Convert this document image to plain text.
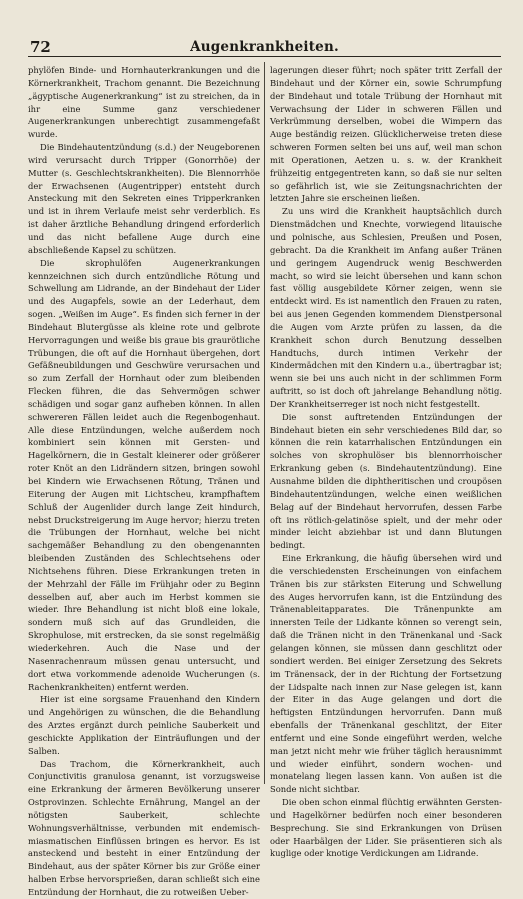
72	Augenkrankheiten.

phylöfen Binde- und Hornhauterkrankungen und die Körnerkrankheit, Trachom genannt. Die Bezeichnung „ägyptische Augenerkrankung“ ist zu streichen, da in ihr eine Summe ganz verschiedener Augenerkrankungen unberechtigt zusammengefaßt wurde.

Die Bindehautentzündung (s.d.) der Neugeborenen wird verursacht durch Tripper (Gonorrhöe) der Mutter (s. Geschlechtskrankheiten). Die Blennorrhöe der Erwachsenen (Augentripper) entsteht durch Ansteckung mit den Sekreten eines Tripperkranken und ist in ihrem Verlaufe meist sehr verderblich. Es ist daher ärztliche Behandlung dringend erforderlich und das nicht befallene Auge durch eine abschließende Kapsel zu schützen.

Die skrophulöfen Augenerkrankungen kennzeichnen sich durch entzündliche Rötung und Schwellung am Lidrande, an der Bindehaut der Lider und des Augapfels, sowie an der Lederhaut, dem sogen. „Weißen im Auge“. Es finden sich ferner in der Bindehaut Blutergüsse als kleine rote und gelbrote Hervorragungen und weiße bis graue bis graurötliche Trübungen, die oft auf die Hornhaut übergehen, dort Gefäßneubildungen und Geschwüre verursachen und so zum Zerfall der Hornhaut oder zum bleibenden Flecken führen, die das Sehvermögen schwer schädigen und sogar ganz aufheben können. In allen schwereren Fällen leidet auch die Regenbogenhaut. Alle diese Entzündungen, welche außerdem noch kombiniert sein können mit Gersten- und Hagelkörnern, die in Gestalt kleinerer oder größerer roter Knöt an den Lidrändern sitzen, bringen sowohl bei Kindern wie Erwachsenen Rötung, Tränen und Eiterung der Augen mit Lichtscheu, krampfhaftem Schluß der Augenlider durch lange Zeit hindurch, nebst Druckstreigerung im Auge hervor; hierzu treten die Trübungen der Hornhaut, welche bei nicht sachgemäßer Behandlung zu den obengenannten bleibenden Zuständen des Schlechtsehens oder Nichtsehens führen. Diese Erkrankungen treten in der Mehrzahl der Fälle im Frühjahr oder zu Beginn desselben auf, aber auch im Herbst kommen sie wieder. Ihre Behandlung ist nicht bloß eine lokale, sondern muß sich auf das Grundleiden, die Skrophulose, mit erstrecken, da sie sonst regelmäßig wiederkehren. Auch die Nase und der Nasenrachenraum müssen genau untersucht, und dort etwa vorkommende adenoide Wucherungen (s. Rachenkrankheiten) entfernt werden.

Hier ist eine sorgsame Frauenhand den Kindern und Angehörigen zu wünschen, die die Behandlung des Arztes ergänzt durch peinliche Sauberkeit und geschickte Applikation der Einträuflungen und der Salben.

Das Trachom, die Körnerkrankheit, auch Conjunctivitis granulosa genannt, ist vorzugsweise eine Erkrankung der ärmeren Bevölkerung unserer Ostprovinzen. Schlechte Ernährung, Mangel an der nötigsten Sauberkeit, schlechte Wohnungsverhältnisse, verbunden mit endemisch-miasmatischen Einflüssen bringen es hervor. Es ist ansteckend und besteht in einer Entzündung der Bindehaut, aus der später Körner bis zur Größe einer halben Erbse hervorsprießen, daran schließt sich eine Entzündung der Hornhaut, die zu rotweißen Ueber-

lagerungen dieser führt; noch später tritt Zerfall der Bindehaut und der Körner ein, sowie Schrumpfung der Bindehaut und totale Trübung der Hornhaut mit Verwachsung der Lider in schweren Fällen und Verkrümmung derselben, wobei die Wimpern das Auge beständig reizen. Glücklicherweise treten diese schweren Formen selten bei uns auf, weil man schon mit Operationen, Aetzen u. s. w. der Krankheit frühzeitig entgegentreten kann, so daß sie nur selten so gefährlich ist, wie sie Zeitungsnachrichten der letzten Jahre sie erscheinen ließen.

Zu uns wird die Krankheit hauptsächlich durch Dienstmädchen und Knechte, vorwiegend litauische und polnische, aus Schlesien, Preußen und Posen, gebracht. Da die Krankheit im Anfang außer Tränen und geringem Augendruck wenig Beschwerden macht, so wird sie leicht übersehen und kann schon fast völlig ausgebildete Körner zeigen, wenn sie entdeckt wird. Es ist namentlich den Frauen zu raten, bei aus jenen Gegenden kommendem Dienstpersonal die Augen vom Arzte prüfen zu lassen, da die Krankheit schon durch Benutzung desselben Handtuchs, durch intimen Verkehr der Kindermädchen mit den Kindern u.a., übertragbar ist; wenn sie bei uns auch nicht in der schlimmen Form auftritt, so ist doch oft jahrelange Behandlung nötig. Der Krankheitserreger ist noch nicht festgestellt.

Die sonst auftretenden Entzündungen der Bindehaut bieten ein sehr verschiedenes Bild dar, so können die rein katarrhalischen Entzündungen ein solches von skrophulöser bis blennorrhoischer Erkrankung geben (s. Bindehautentzündung). Eine Ausnahme bilden die diphtheritischen und croupösen Bindehautentzündungen, welche einen weißlichen Belag auf der Bindehaut hervorrufen, dessen Farbe oft ins rötlich-gelatinöse spielt, und der mehr oder minder leicht abziehbar ist und dann Blutungen bedingt.

Eine Erkrankung, die häufig übersehen wird und die verschiedensten Erscheinungen von einfachem Tränen bis zur stärksten Eiterung und Schwellung des Auges hervorrufen kann, ist die Entzündung des Tränenableitapparates. Die Tränenpunkte am innersten Teile der Lidkante können so verengt sein, daß die Tränen nicht in den Tränenkanal und -Sack gelangen können, sie müssen dann geschlitzt oder sondiert werden. Bei einiger Zersetzung des Sekrets im Tränensack, der in der Richtung der Fortsetzung der Lidspalte nach innen zur Nase gelegen ist, kann der Eiter in das Auge gelangen und dort die heftigsten Entzündungen hervorrufen. Dann muß ebenfalls der Tränenkanal geschlitzt, der Eiter entfernt und eine Sonde eingeführt werden, welche man jetzt nicht mehr wie früher täglich herausnimmt und wieder einführt, sondern wochen- und monatelang liegen lassen kann. Von außen ist die Sonde nicht sichtbar.

Die oben schon einmal flüchtig erwähnten Gersten- und Hagelkörner bedürfen noch einer besonderen Besprechung. Sie sind Erkrankungen von Drüsen oder Haarbälgen der Lider. Sie präsentieren sich als kuglige oder knotige Verdickungen am Lidrande.
